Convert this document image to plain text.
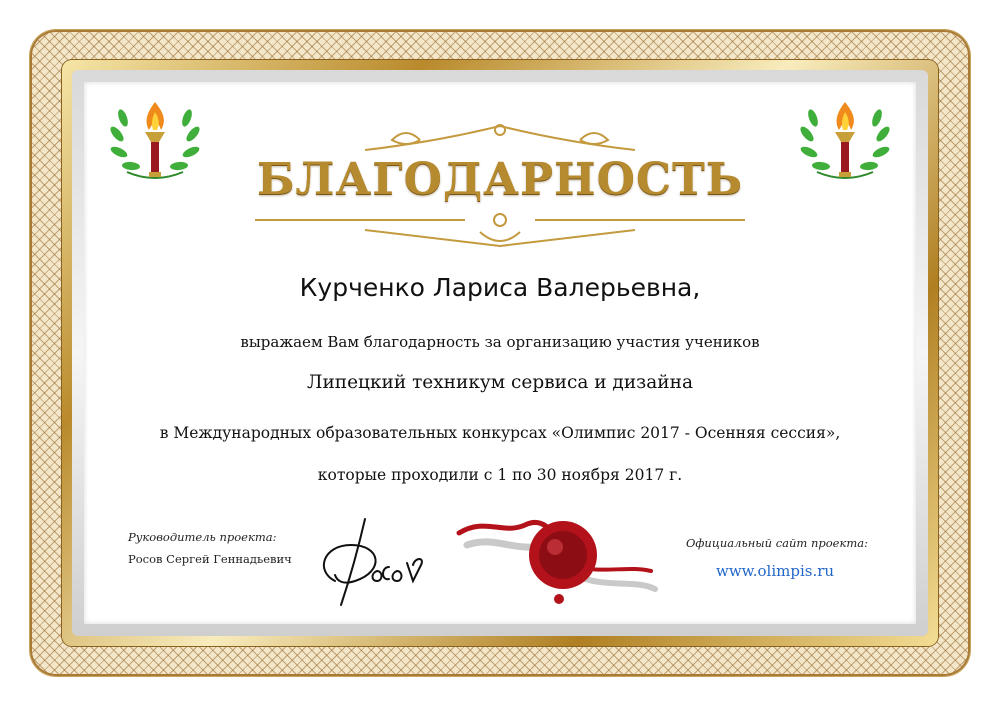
БЛАГОДАРНОСТЬ
Курченко Лариса Валерьевна,
выражаем Вам благодарность за организацию участия учеников
Липецкий техникум сервиса и дизайна
в Международных образовательных конкурсах «Олимпис 2017 - Осенняя сессия»,
которые проходили с 1 по 30 ноября 2017 г.
Руководитель проекта:
Росов Сергей Геннадьевич
Официальный сайт проекта:
www.olimpis.ru
